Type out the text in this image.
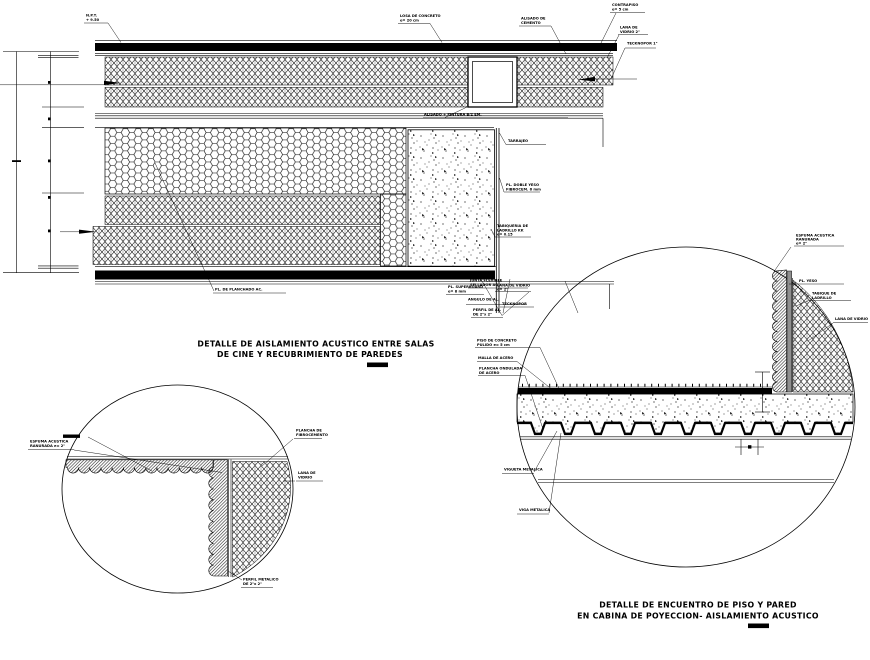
N.P.T.
+ 9.50
LOSA DE CONCRETO
e= 20 cm	ALISADO DE
CEMENTO
CONTRAPISO
e= 5 cm
LANA DE
VIDRIO 2"
TECKNOPOR 1"
ALISADO + PINTURA B/2 EM.
TARRAJEO
PL. DOBLE YESO
FIBROCEM. 6 mm
TABIQUERIA DE
LADRILLO KK
e= 0.15
PL. SUPERBOARD
e= 8 mm
LANA DE VIDRIO
e= 2"
TECKNOPOR
PERFIL DE AL.
DE 2"x 2"
PL. DE PLANCHADO AC.
ESPUMA ACUSTICA
RANURADA e= 2"
PLANCHA DE
FIBROCEMENTO
LANA DE
VIDRIO
PERFIL METALICO
DE 2"x 2"
JUNTA FLEXIBLE
SELLADOR AC.
ANGULO DE AL.
PISO DE CONCRETO
PULIDO e= 5 cm
MALLA DE ACERO
PLANCHA ONDULADA
DE ACERO
VIGUETA METALICA
VIGA METALICA
ESPUMA ACUSTICA
RANURADA
e= 2"
PL. YESO
TABIQUE DE
LADRILLO
LANA DE VIDRIO
DETALLE DE AISLAMIENTO ACUSTICO ENTRE SALAS
DE CINE Y RECUBRIMIENTO DE PAREDES
DETALLE DE ENCUENTRO DE PISO Y PARED
EN CABINA DE POYECCION- AISLAMIENTO ACUSTICO
